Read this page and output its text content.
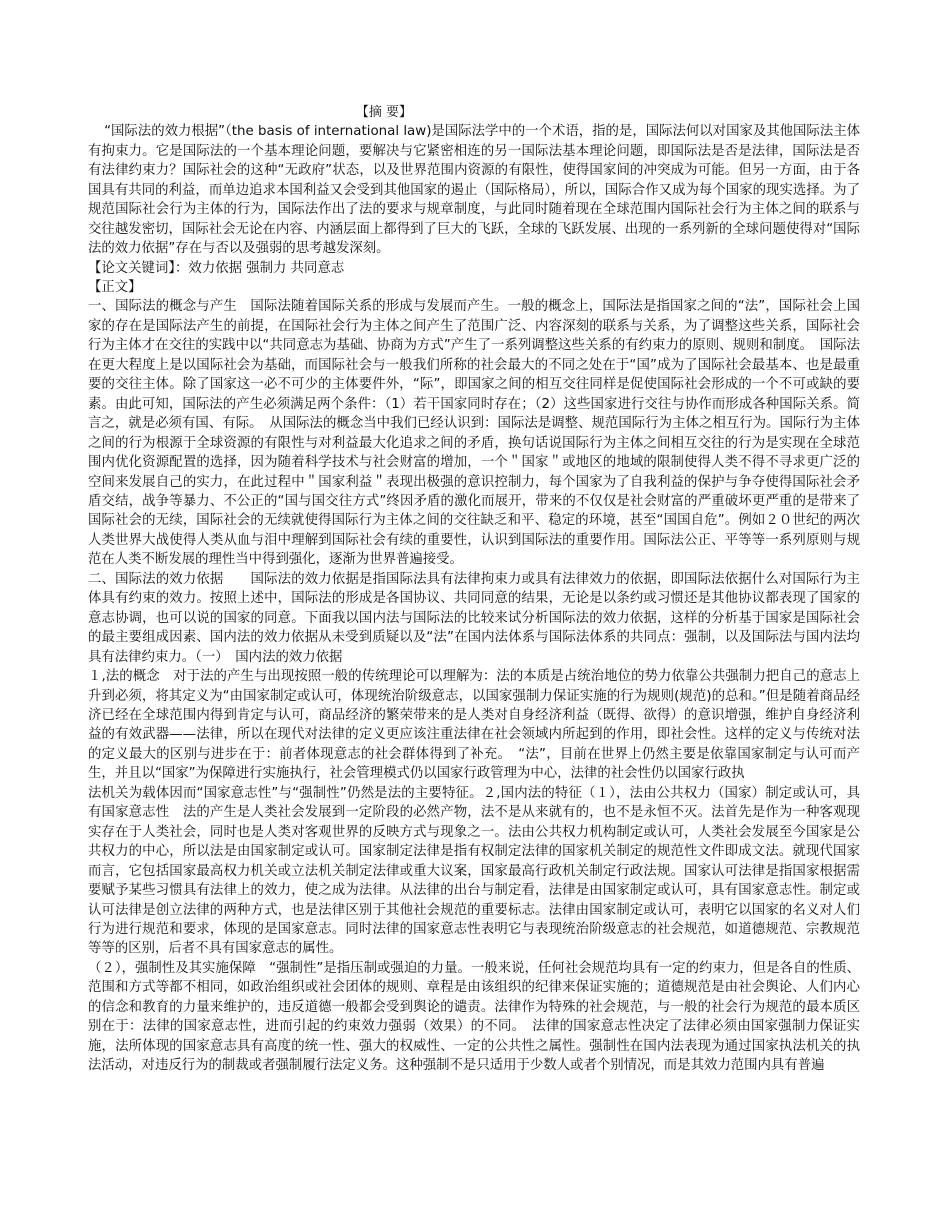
【摘 要】

“国际法的效力根据”（the basis of international law)是国际法学中的一个术语，指的是，国际法何以对国家及其他国际法主体有拘束力。它是国际法的一个基本理论问题，要解决与它紧密相连的另一国际法基本理论问题，即国际法是否是法律，国际法是否有法律约束力？国际社会的这种“无政府”状态，以及世界范围内资源的有限性，使得国家间的冲突成为可能。但另一方面，由于各国具有共同的利益，而单边追求本国利益又会受到其他国家的遏止（国际格局），所以，国际合作又成为每个国家的现实选择。为了规范国际社会行为主体的行为，国际法作出了法的要求与规章制度，与此同时随着现在全球范围内国际社会行为主体之间的联系与交往越发密切，国际社会无论在内容、内涵层面上都得到了巨大的飞跃，全球的飞跃发展、出现的一系列新的全球问题使得对“国际法的效力依据”存在与否以及强弱的思考越发深刻。

【论文关键词】：效力依据 强制力 共同意志

【正文】

一、国际法的概念与产生　国际法随着国际关系的形成与发展而产生。一般的概念上，国际法是指国家之间的“法”，国际社会上国家的存在是国际法产生的前提，在国际社会行为主体之间产生了范围广泛、内容深刻的联系与关系，为了调整这些关系，国际社会行为主体才在交往的实践中以“共同意志为基础、协商为方式”产生了一系列调整这些关系的有约束力的原则、规则和制度。　国际法在更大程度上是以国际社会为基础，而国际社会与一般我们所称的社会最大的不同之处在于“国”成为了国际社会最基本、也是最重要的交往主体。除了国家这一必不可少的主体要件外，“际”，即国家之间的相互交往同样是促使国际社会形成的一个不可或缺的要素。由此可知，国际法的产生必须满足两个条件：（1）若干国家同时存在；（2）这些国家进行交往与协作而形成各种国际关系。简言之，就是必须有国、有际。　从国际法的概念当中我们已经认识到：国际法是调整、规范国际行为主体之相互行为。国际行为主体之间的行为根源于全球资源的有限性与对利益最大化追求之间的矛盾，换句话说国际行为主体之间相互交往的行为是实现在全球范围内优化资源配置的选择，因为随着科学技术与社会财富的增加，一个＂国家＂或地区的地域的限制使得人类不得不寻求更广泛的空间来发展自己的实力，在此过程中＂国家利益＂表现出极强的意识控制力，每个国家为了自我利益的保护与争夺使得国际社会矛盾交结，战争等暴力、不公正的“国与国交往方式”终因矛盾的激化而展开，带来的不仅仅是社会财富的严重破坏更严重的是带来了国际社会的无续，国际社会的无续就使得国际行为主体之间的交往缺乏和平、稳定的环境，甚至“国国自危”。例如２０世纪的两次人类世界大战使得人类从血与泪中理解到国际社会有续的重要性，认识到国际法的重要作用。国际法公正、平等等一系列原则与规范在人类不断发展的理性当中得到强化，逐渐为世界普遍接受。

二、国际法的效力依据　　国际法的效力依据是指国际法具有法律拘束力或具有法律效力的依据，即国际法依据什么对国际行为主体具有约束的效力。按照上述中，国际法的形成是各国协议、共同同意的结果，无论是以条约或习惯还是其他协议都表现了国家的意志协调，也可以说的国家的同意。下面我以国内法与国际法的比较来试分析国际法的效力依据，这样的分析基于国家是国际社会的最主要组成因素、国内法的效力依据从未受到质疑以及“法”在国内法体系与国际法体系的共同点：强制，以及国际法与国内法均具有法律约束力。（一）　国内法的效力依据

１,法的概念　对于法的产生与出现按照一般的传统理论可以理解为：法的本质是占统治地位的势力依靠公共强制力把自己的意志上升到必须，将其定义为“由国家制定或认可，体现统治阶级意志，以国家强制力保证实施的行为规则(规范)的总和。”但是随着商品经济已经在全球范围内得到肯定与认可，商品经济的繁荣带来的是人类对自身经济利益（既得、欲得）的意识增强，维护自身经济利益的有效武器——法律，所以在现代对法律的定义更应该注重法律在社会领域内所起到的作用，即社会性。这样的定义与传统对法的定义最大的区别与进步在于：前者体现意志的社会群体得到了补充。　“法”，目前在世界上仍然主要是依靠国家制定与认可而产生，并且以“国家”为保障进行实施执行，社会管理模式仍以国家行政管理为中心，法律的社会性仍以国家行政执

法机关为载体因而“国家意志性”与“强制性”仍然是法的主要特征。２,国内法的特征（１），法由公共权力（国家）制定或认可，具有国家意志性　法的产生是人类社会发展到一定阶段的必然产物，法不是从来就有的，也不是永恒不灭。法首先是作为一种客观现实存在于人类社会，同时也是人类对客观世界的反映方式与现象之一。法由公共权力机构制定或认可，人类社会发展至今国家是公共权力的中心，所以法是由国家制定或认可。国家制定法律是指有权制定法律的国家机关制定的规范性文件即成文法。就现代国家而言，它包括国家最高权力机关或立法机关制定法律或重大议案，国家最高行政机关制定行政法规。国家认可法律是指国家根据需要赋予某些习惯具有法律上的效力，使之成为法律。从法律的出台与制定看，法律是由国家制定或认可，具有国家意志性。制定或认可法律是创立法律的两种方式，也是法律区别于其他社会规范的重要标志。法律由国家制定或认可，表明它以国家的名义对人们行为进行规范和要求，体现的是国家意志。同时法律的国家意志性表明它与表现统治阶级意志的社会规范，如道德规范、宗教规范等等的区别，后者不具有国家意志的属性。

（２），强制性及其实施保障　“强制性”是指压制或强迫的力量。一般来说，任何社会规范均具有一定的约束力，但是各自的性质、范围和方式等都不相同，如政治组织或社会团体的规则、章程是由该组织的纪律来保证实施的；道德规范是由社会舆论、人们内心的信念和教育的力量来维护的，违反道德一般都会受到舆论的谴责。法律作为特殊的社会规范，与一般的社会行为规范的最本质区别在于：法律的国家意志性，进而引起的约束效力强弱（效果）的不同。　法律的国家意志性决定了法律必须由国家强制力保证实施，法所体现的国家意志具有高度的统一性、强大的权威性、一定的公共性之属性。强制性在国内法表现为通过国家执法机关的执法活动，对违反行为的制裁或者强制履行法定义务。这种强制不是只适用于少数人或者个别情况，而是其效力范围内具有普遍
